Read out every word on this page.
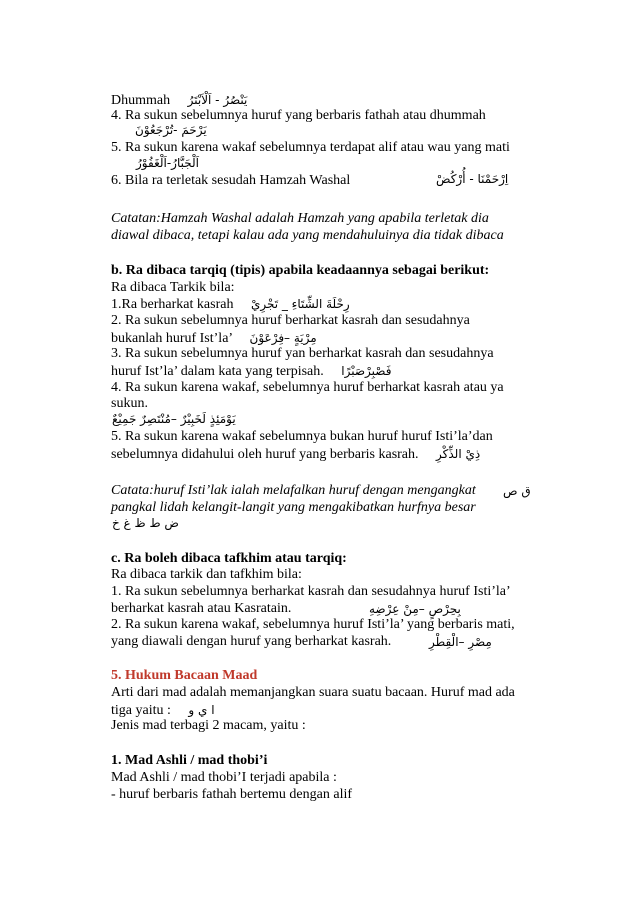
Dhummah يَنْصُرُ - اَلْاَبْتَرُ
4. Ra sukun sebelumnya huruf yang berbaris fathah atau dhummah
يَرْحَمَ -تُرْجَعُوْنَ
5. Ra sukun karena wakaf sebelumnya terdapat alif atau wau yang mati
اَلْجَبَّارُ-اَلْغَفُوْرُ
6. Bila ra terletak sesudah Hamzah Washal	اِرْحَمْنَا - أُرْكُضْ
Catatan:Hamzah Washal adalah Hamzah yang apabila terletak dia
diawal dibaca, tetapi kalau ada yang mendahuluinya dia tidak dibaca
b. Ra dibaca tarqiq (tipis) apabila keadaannya sebagai berikut:
Ra dibaca Tarkik bila:
1.Ra berharkat kasrah رِحْلَةَ الشِّتَاءِ _ تَجْرِيْ
2. Ra sukun sebelumnya huruf berharkat kasrah dan sesudahnya
bukanlah huruf Ist’la’ مِرْيَةٍ –فِرْعَوْنَ
3. Ra sukun sebelumnya huruf yan berharkat kasrah dan sesudahnya
huruf Ist’la’ dalam kata yang terpisah. فَصْبِرْصَبْرًا
4. Ra sukun karena wakaf, sebelumnya huruf berharkat kasrah atau ya
sukun.
يَوْمَئِذٍ لَخَبِيْرٌ –مُنْتَصِرٌ جَمِيْعٌ
5. Ra sukun karena wakaf sebelumnya bukan huruf huruf Isti’la’dan
sebelumnya didahului oleh huruf yang berbaris kasrah. ذِيْ الذِّكْرِ
Catata:huruf Isti’lak ialah melafalkan huruf dengan mengangkat ق ص
pangkal lidah kelangit-langit yang mengakibatkan hurfnya besar
ض ط ظ غ خ
c. Ra boleh dibaca tafkhim atau tarqiq:
Ra dibaca tarkik dan tafkhim bila:
1. Ra sukun sebelumnya berharkat kasrah dan sesudahnya huruf Isti’la’
berharkat kasrah atau Kasratain.	بِحِرْصٍ –مِنْ عِرْضِهِ
2. Ra sukun karena wakaf, sebelumnya huruf Isti’la’ yang berbaris mati,
yang diawali dengan huruf yang berharkat kasrah.	مِصْرِ –الْقِطْرِ
5. Hukum Bacaan Maad
Arti dari mad adalah memanjangkan suara suatu bacaan. Huruf mad ada
tiga yaitu : ا ي و
Jenis mad terbagi 2 macam, yaitu :
1. Mad Ashli / mad thobi’i
Mad Ashli / mad thobi’I terjadi apabila :
- huruf berbaris fathah bertemu dengan alif
